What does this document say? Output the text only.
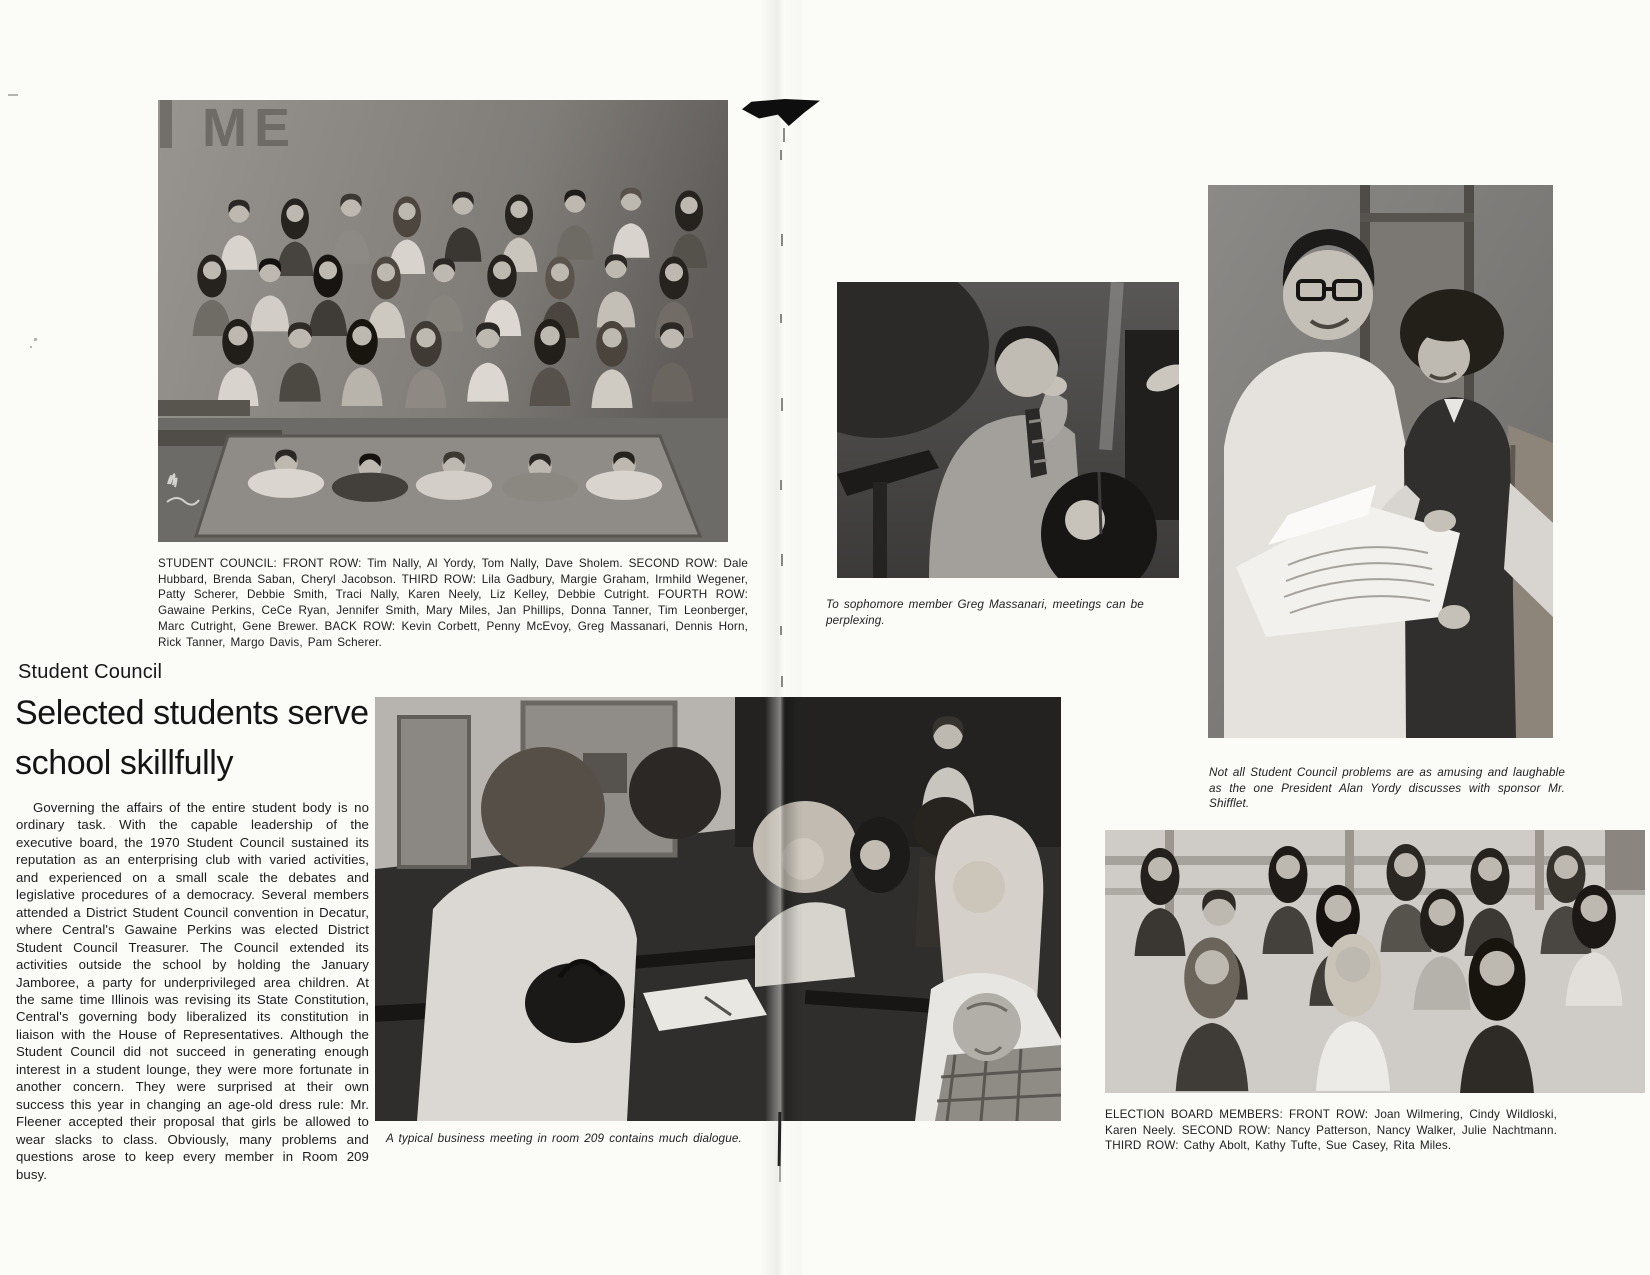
ME
STUDENT COUNCIL: FRONT ROW: Tim Nally, Al Yordy, Tom Nally, Dave Sholem. SECOND ROW: Dale Hubbard, Brenda Saban, Cheryl Jacobson. THIRD ROW: Lila Gadbury, Margie Graham, Irmhild Wegener, Patty Scherer, Debbie Smith, Traci Nally, Karen Neely, Liz Kelley, Debbie Cutright. FOURTH ROW: Gawaine Perkins, CeCe Ryan, Jennifer Smith, Mary Miles, Jan Phillips, Donna Tanner, Tim Leonberger, Marc Cutright, Gene Brewer. BACK ROW: Kevin Corbett, Penny McEvoy, Greg Massanari, Dennis Horn, Rick Tanner, Margo Davis, Pam Scherer.
Student Council
Selected students serve
school skillfully
Governing the affairs of the entire student body is no ordinary task. With the capable leadership of the executive board, the 1970 Student Council sustained its reputation as an enterprising club with varied activities, and experienced on a small scale the debates and legislative procedures of a democracy. Several members attended a District Student Council convention in Decatur, where Central's Gawaine Perkins was elected District Student Council Treasurer. The Council extended its activities outside the school by holding the January Jamboree, a party for underprivileged area children. At the same time Illinois was revising its State Constitution, Central's governing body liberalized its constitution in liaison with the House of Representatives. Although the Student Council did not succeed in generating enough interest in a student lounge, they were more fortunate in another concern. They were surprised at their own success this year in changing an age-old dress rule: Mr. Fleener accepted their proposal that girls be allowed to wear slacks to class. Obviously, many problems and questions arose to keep every member in Room 209 busy.
A typical business meeting in room 209 contains much dialogue.
To sophomore member Greg Massanari, meetings can be perplexing.
Not all Student Council problems are as amusing and laughable as the one President Alan Yordy discusses with sponsor Mr. Shifflet.
ELECTION BOARD MEMBERS: FRONT ROW: Joan Wilmering, Cindy Wildloski, Karen Neely. SECOND ROW: Nancy Patterson, Nancy Walker, Julie Nachtmann. THIRD ROW: Cathy Abolt, Kathy Tufte, Sue Casey, Rita Miles.
